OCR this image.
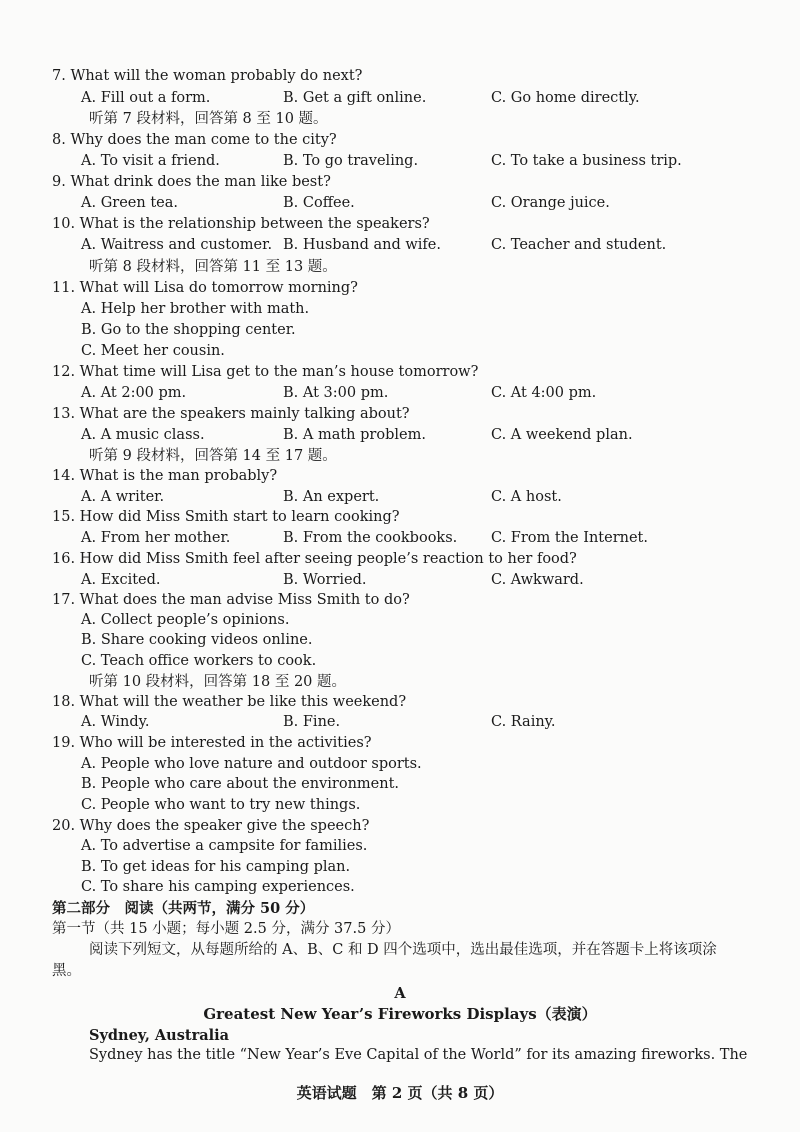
7. What will the woman probably do next?
A. Fill out a form.	B. Get a gift online.	C. Go home directly.
听第 7 段材料，回答第 8 至 10 题。
8. Why does the man come to the city?
A. To visit a friend.	B. To go traveling.	C. To take a business trip.
9. What drink does the man like best?
A. Green tea.	B. Coffee.	C. Orange juice.
10. What is the relationship between the speakers?
A. Waitress and customer. B. Husband and wife.	C. Teacher and student.
听第 8 段材料，回答第 11 至 13 题。
11. What will Lisa do tomorrow morning?
A. Help her brother with math.
B. Go to the shopping center.
C. Meet her cousin.
12. What time will Lisa get to the man’s house tomorrow?
A. At 2:00 pm.	B. At 3:00 pm.	C. At 4:00 pm.
13. What are the speakers mainly talking about?
A. A music class.	B. A math problem.	C. A weekend plan.
听第 9 段材料，回答第 14 至 17 题。
14. What is the man probably?
A. A writer.	B. An expert.	C. A host.
15. How did Miss Smith start to learn cooking?
A. From her mother.	B. From the cookbooks. C. From the Internet.
16. How did Miss Smith feel after seeing people’s reaction to her food?
A. Excited.	B. Worried.	C. Awkward.
17. What does the man advise Miss Smith to do?
A. Collect people’s opinions.
B. Share cooking videos online.
C. Teach office workers to cook.
听第 10 段材料，回答第 18 至 20 题。
18. What will the weather be like this weekend?
A. Windy.	B. Fine.	C. Rainy.
19. Who will be interested in the activities?
A. People who love nature and outdoor sports.
B. People who care about the environment.
C. People who want to try new things.
20. Why does the speaker give the speech?
A. To advertise a campsite for families.
B. To get ideas for his camping plan.
C. To share his camping experiences.
第二部分　阅读（共两节，满分 50 分）
第一节（共 15 小题；每小题 2.5 分，满分 37.5 分）
阅读下列短文，从每题所给的 A、B、C 和 D 四个选项中，选出最佳选项，并在答题卡上将该项涂黑。
A
Greatest New Year’s Fireworks Displays（表演）
Sydney, Australia
Sydney has the title “New Year’s Eve Capital of the World” for its amazing fireworks. The
英语试题　第 2 页（共 8 页）
